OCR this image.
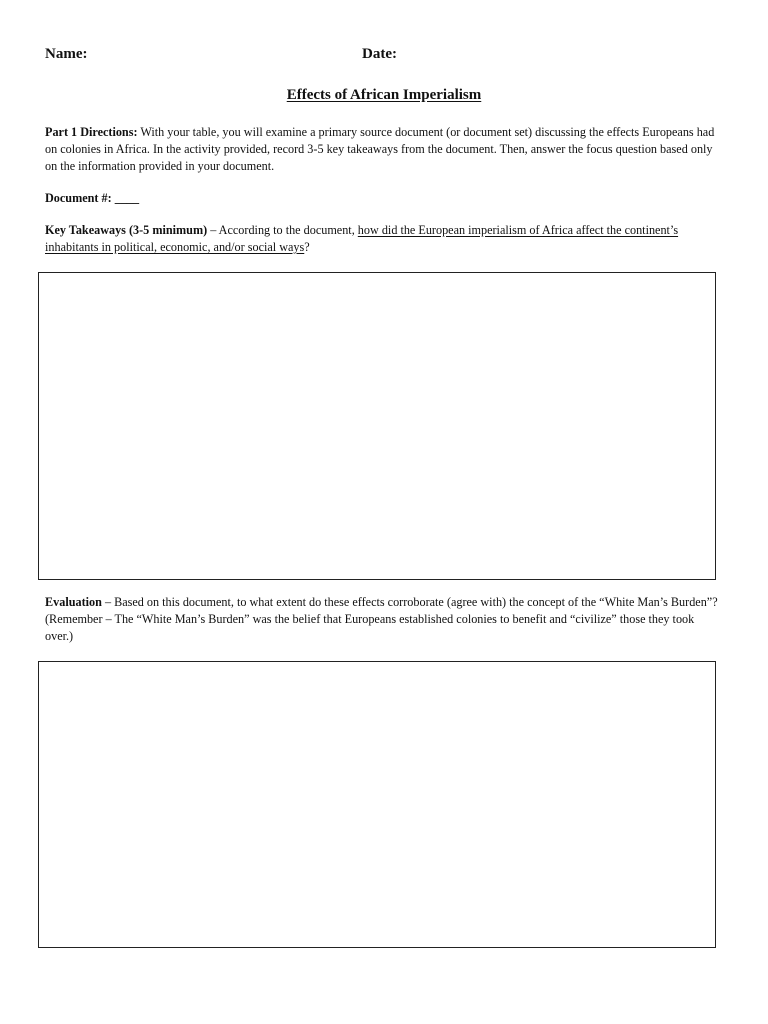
Name:	Date:
Effects of African Imperialism
Part 1 Directions: With your table, you will examine a primary source document (or document set) discussing the effects Europeans had on colonies in Africa. In the activity provided, record 3-5 key takeaways from the document. Then, answer the focus question based only on the information provided in your document.
Document #: ____
Key Takeaways (3-5 minimum) – According to the document, how did the European imperialism of Africa affect the continent’s inhabitants in political, economic, and/or social ways?
Evaluation – Based on this document, to what extent do these effects corroborate (agree with) the concept of the “White Man’s Burden”? (Remember – The “White Man’s Burden” was the belief that Europeans established colonies to benefit and “civilize” those they took over.)
